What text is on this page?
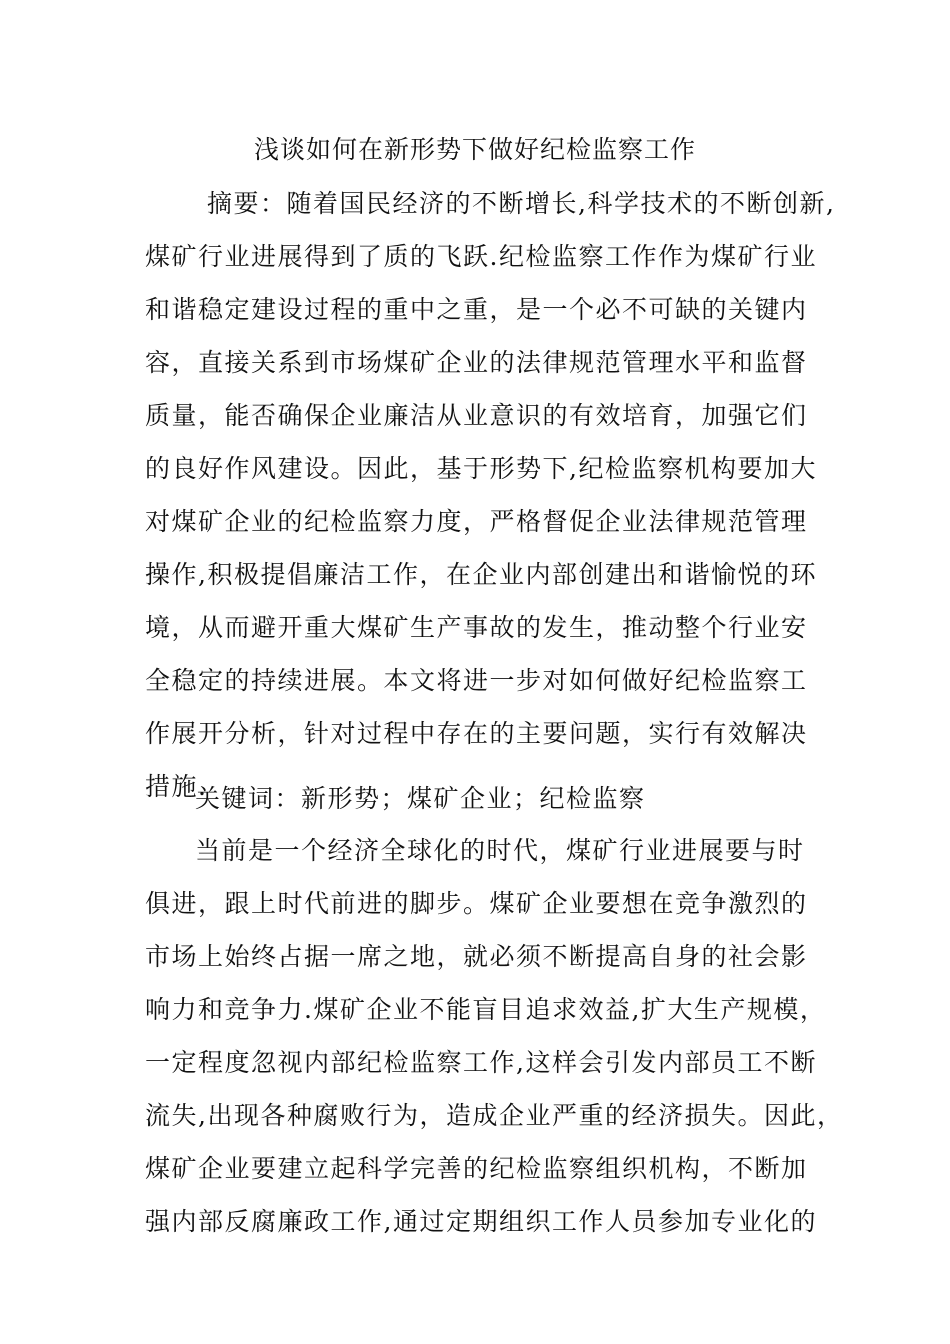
浅谈如何在新形势下做好纪检监察工作
摘要：随着国民经济的不断增长,科学技术的不断创新,
煤矿行业进展得到了质的飞跃.纪检监察工作作为煤矿行业
和谐稳定建设过程的重中之重，是一个必不可缺的关键内
容，直接关系到市场煤矿企业的法律规范管理水平和监督
质量，能否确保企业廉洁从业意识的有效培育，加强它们
的良好作风建设。因此，基于形势下,纪检监察机构要加大
对煤矿企业的纪检监察力度，严格督促企业法律规范管理
操作,积极提倡廉洁工作，在企业内部创建出和谐愉悦的环
境，从而避开重大煤矿生产事故的发生，推动整个行业安
全稳定的持续进展。本文将进一步对如何做好纪检监察工
作展开分析，针对过程中存在的主要问题，实行有效解决
措施.
关键词：新形势；煤矿企业；纪检监察
当前是一个经济全球化的时代，煤矿行业进展要与时
俱进，跟上时代前进的脚步。煤矿企业要想在竞争激烈的
市场上始终占据一席之地，就必须不断提高自身的社会影
响力和竞争力.煤矿企业不能盲目追求效益,扩大生产规模，
一定程度忽视内部纪检监察工作,这样会引发内部员工不断
流失,出现各种腐败行为，造成企业严重的经济损失。因此，
煤矿企业要建立起科学完善的纪检监察组织机构，不断加
强内部反腐廉政工作,通过定期组织工作人员参加专业化的
